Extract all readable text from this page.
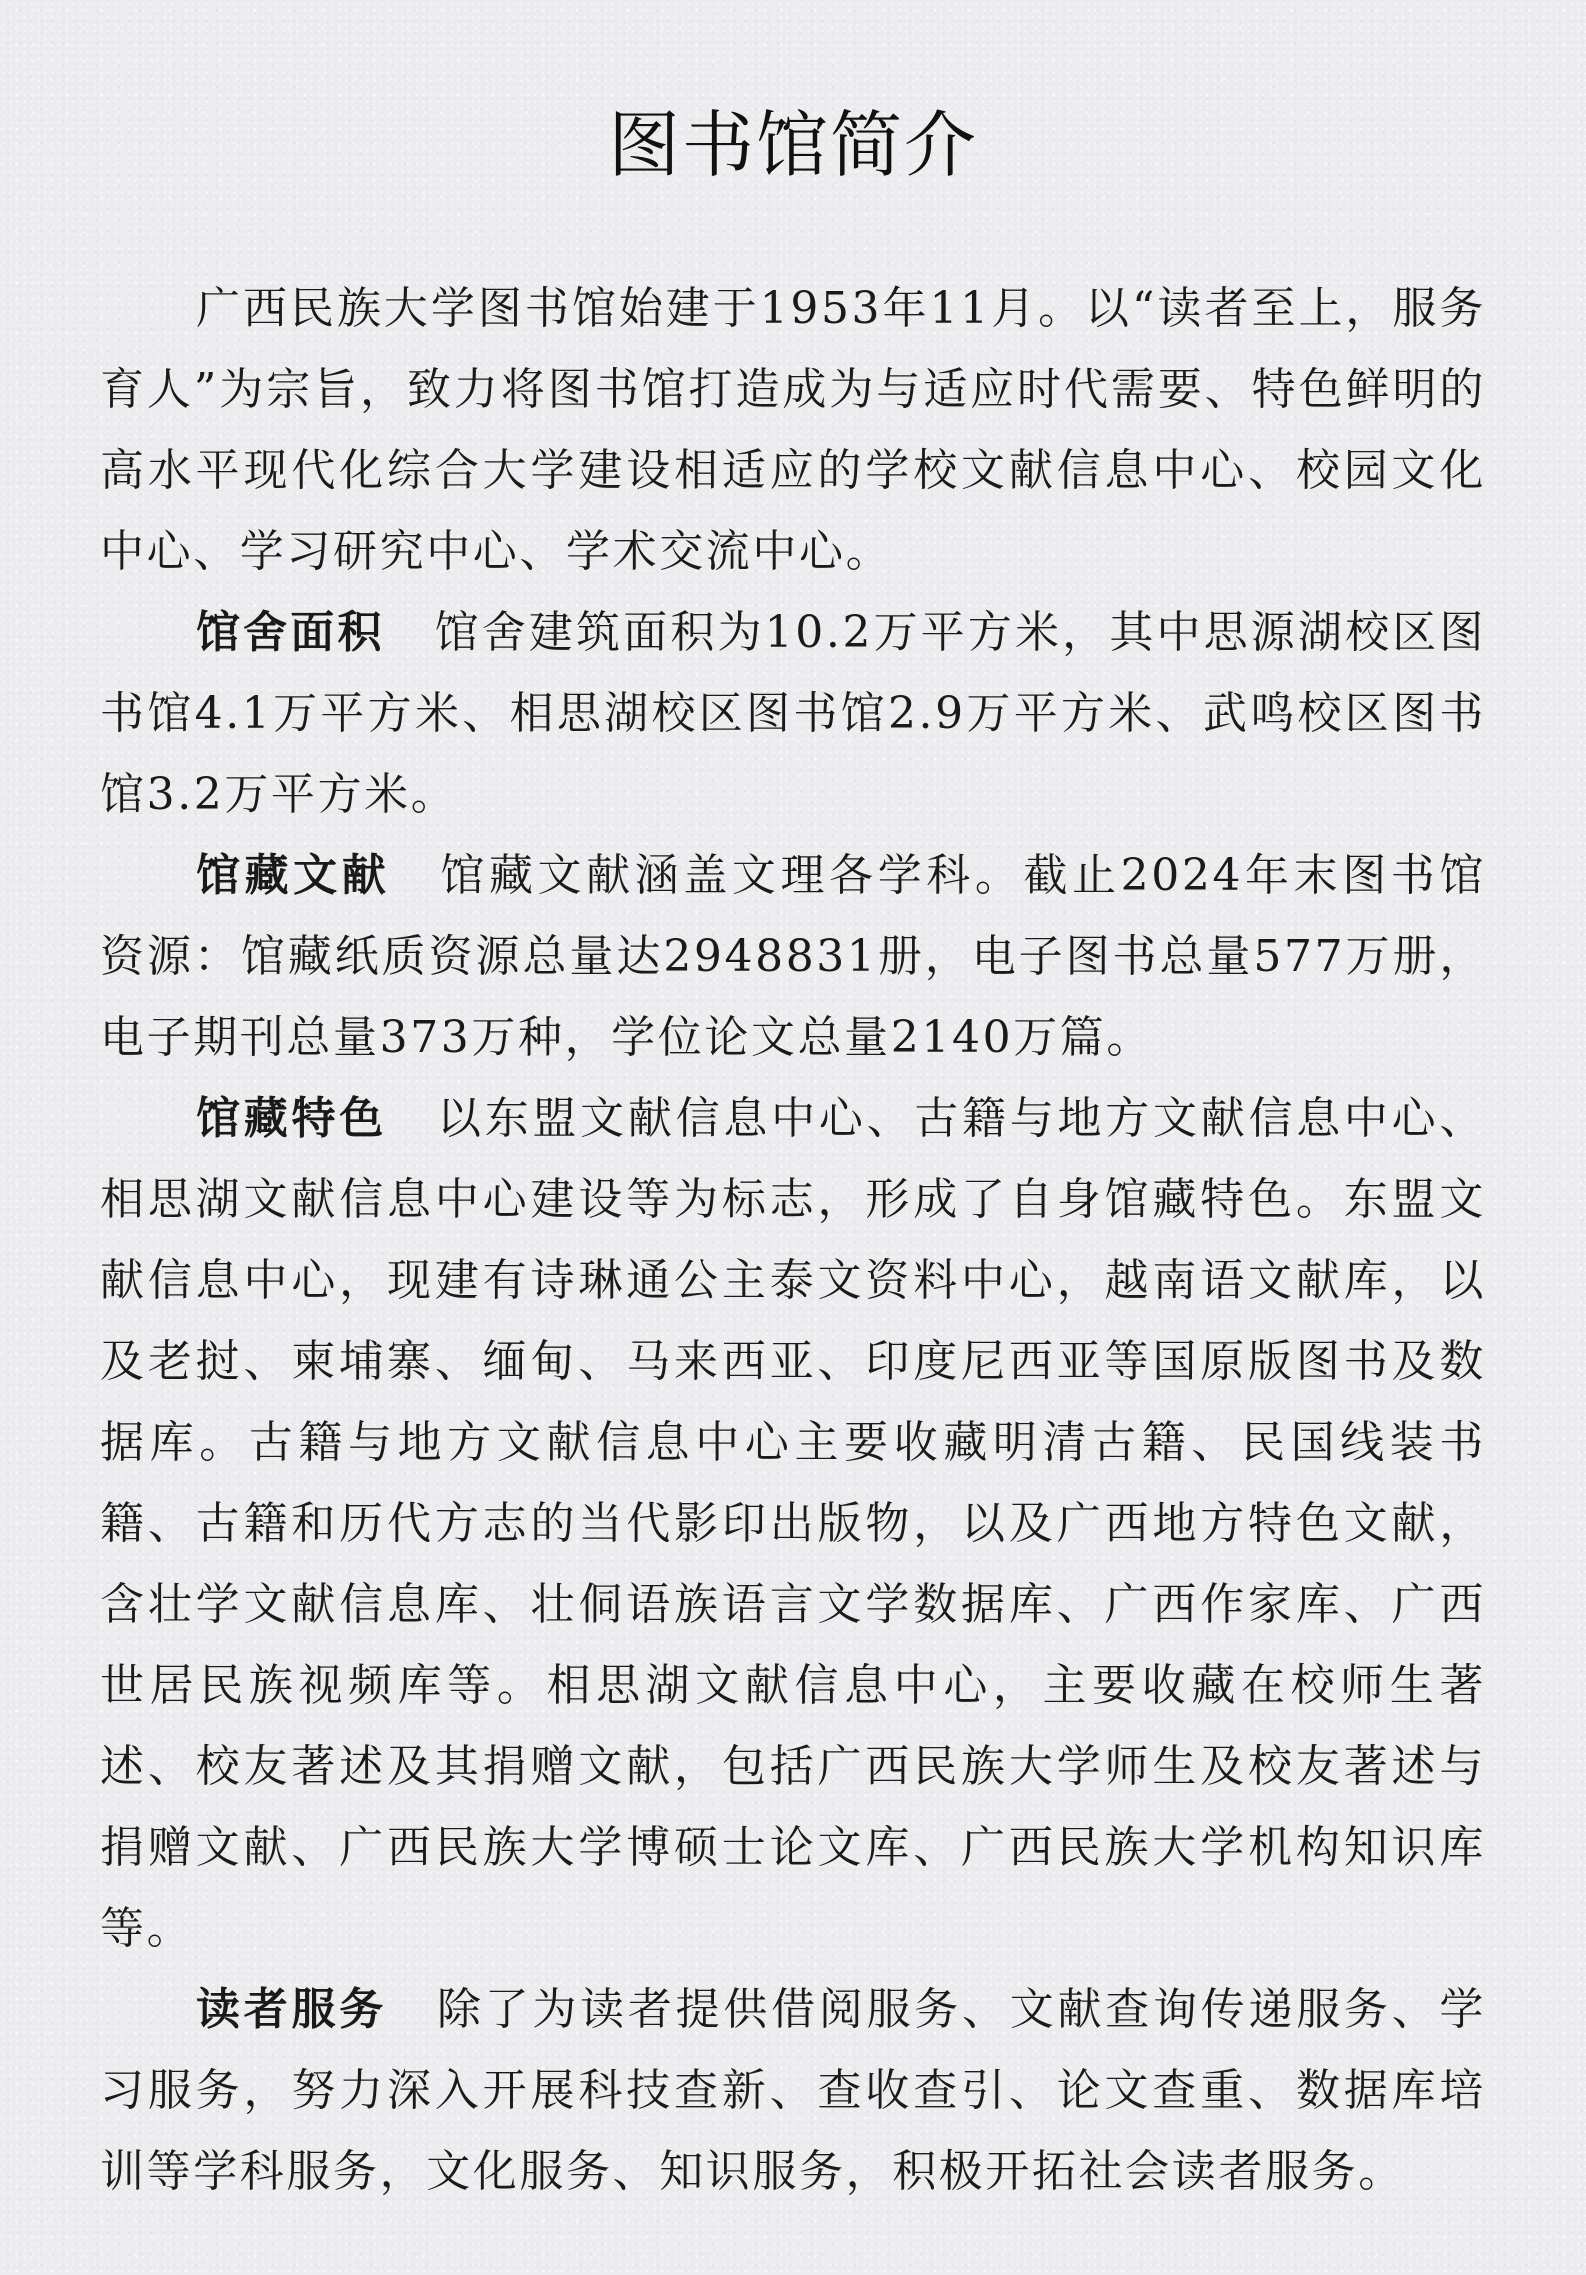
图书馆简介

广西民族大学图书馆始建于1953年11月。以“读者至上，服务育人”为宗旨，致力将图书馆打造成为与适应时代需要、特色鲜明的高水平现代化综合大学建设相适应的学校文献信息中心、校园文化中心、学习研究中心、学术交流中心。

馆舍面积 馆舍建筑面积为10.2万平方米，其中思源湖校区图书馆4.1万平方米、相思湖校区图书馆2.9万平方米、武鸣校区图书馆3.2万平方米。

馆藏文献 馆藏文献涵盖文理各学科。截止2024年末图书馆资源：馆藏纸质资源总量达2948831册，电子图书总量577万册，电子期刊总量373万种，学位论文总量2140万篇。

馆藏特色 以东盟文献信息中心、古籍与地方文献信息中心、相思湖文献信息中心建设等为标志，形成了自身馆藏特色。东盟文献信息中心，现建有诗琳通公主泰文资料中心，越南语文献库，以及老挝、柬埔寨、缅甸、马来西亚、印度尼西亚等国原版图书及数据库。古籍与地方文献信息中心主要收藏明清古籍、民国线装书籍、古籍和历代方志的当代影印出版物，以及广西地方特色文献，含壮学文献信息库、壮侗语族语言文学数据库、广西作家库、广西世居民族视频库等。相思湖文献信息中心，主要收藏在校师生著述、校友著述及其捐赠文献，包括广西民族大学师生及校友著述与捐赠文献、广西民族大学博硕士论文库、广西民族大学机构知识库等。

读者服务 除了为读者提供借阅服务、文献查询传递服务、学习服务，努力深入开展科技查新、查收查引、论文查重、数据库培训等学科服务，文化服务、知识服务，积极开拓社会读者服务。
